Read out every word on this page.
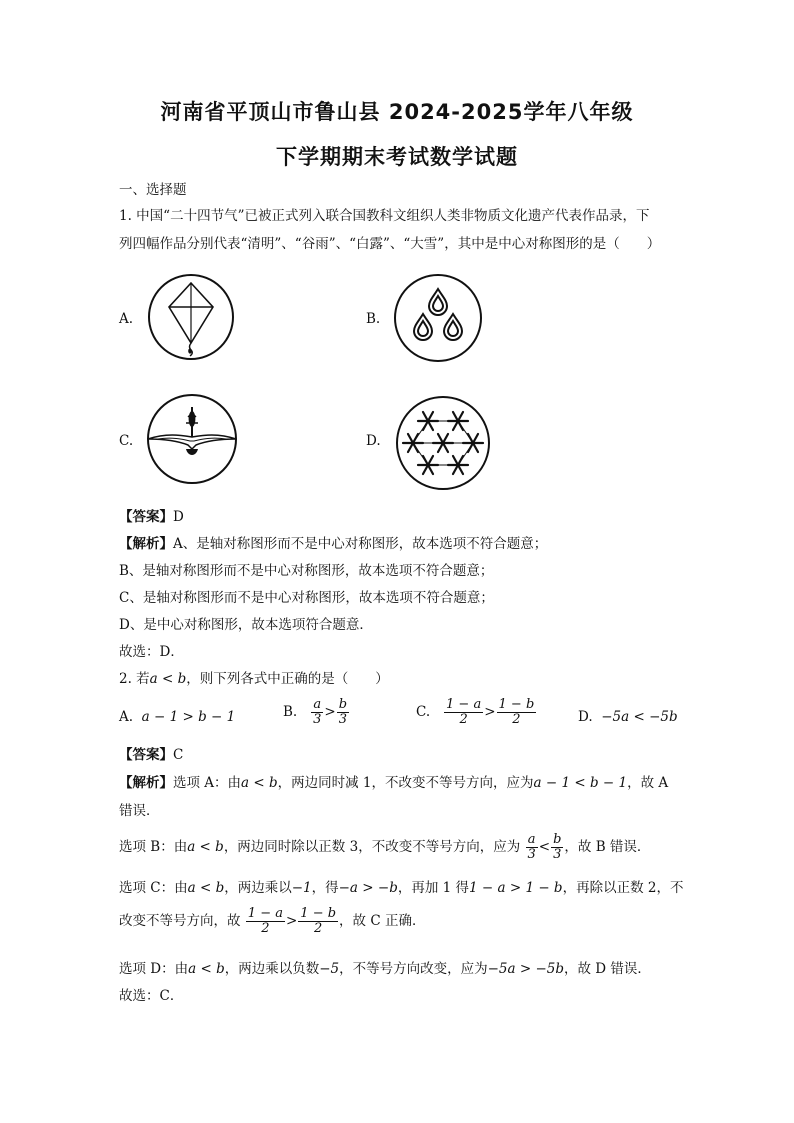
河南省平顶山市鲁山县 2024-2025学年八年级
下学期期末考试数学试题
一、选择题
1. 中国“二十四节气”已被正式列入联合国教科文组织人类非物质文化遗产代表作品录，下
列四幅作品分别代表“清明”、“谷雨”、“白露”、“大雪”，其中是中心对称图形的是（　　）
A.	B.
C.	D.
【答案】D
【解析】A、是轴对称图形而不是中心对称图形，故本选项不符合题意；
B、是轴对称图形而不是中心对称图形，故本选项不符合题意；
C、是轴对称图形而不是中心对称图形，故本选项不符合题意；
D、是中心对称图形，故本选项符合题意．
故选：D．
2. 若a < b，则下列各式中正确的是（　　）
A. a − 1 > b − 1	B. $\frac{a}{3} > \frac{b}{3}$	C. $\frac{1 - a}{2} > \frac{1 - b}{2}$	D. −5a < −5b
【答案】C
【解析】选项 A：由a < b，两边同时减 1，不改变不等号方向，应为a − 1 < b − 1，故 A
错误．
选项 B：由a < b，两边同时除以正数 3，不改变不等号方向，应为 $\frac{a}{3} < \frac{b}{3}$ ，故 B 错误．
选项 C：由a < b，两边乘以−1，得−a > −b，再加 1 得1 − a > 1 − b，再除以正数 2，不
改变不等号方向，故 $\frac{1 - a}{2} > \frac{1 - b}{2}$ ，故 C 正确．
选项 D：由a < b，两边乘以负数−5，不等号方向改变，应为−5a > −5b，故 D 错误．
故选：C．
